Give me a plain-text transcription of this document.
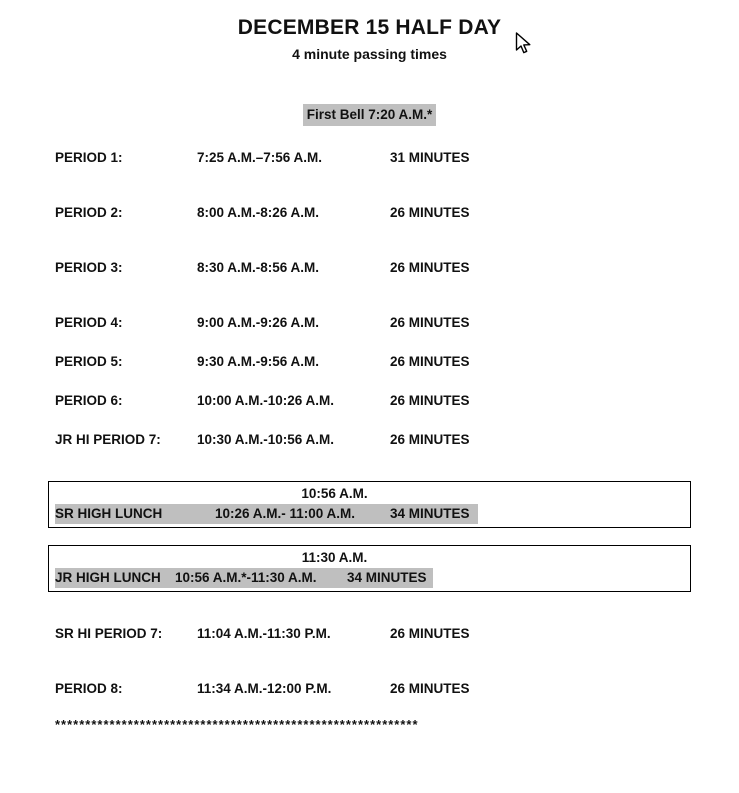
DECEMBER 15 HALF DAY
4 minute passing times
First Bell 7:20 A.M.*
PERIOD 1:	7:25 A.M.–7:56 A.M.	31 MINUTES
PERIOD 2:	8:00 A.M.-8:26 A.M.	26 MINUTES
PERIOD 3:	8:30 A.M.-8:56 A.M.	26 MINUTES
PERIOD 4:	9:00 A.M.-9:26 A.M.	26 MINUTES
PERIOD 5:	9:30 A.M.-9:56 A.M.	26 MINUTES
PERIOD 6:	10:00 A.M.-10:26 A.M.	26 MINUTES
JR HI PERIOD 7:	10:30 A.M.-10:56 A.M.	26 MINUTES
10:56 A.M.
SR HIGH LUNCH	10:26 A.M.- 11:00 A.M.	34 MINUTES
11:30 A.M.
JR HIGH LUNCH	10:56 A.M.*-11:30 A.M.	34 MINUTES
SR HI PERIOD 7:	11:04 A.M.-11:30 P.M.	26 MINUTES
PERIOD 8:	11:34 A.M.-12:00 P.M.	26 MINUTES
************************************************************
